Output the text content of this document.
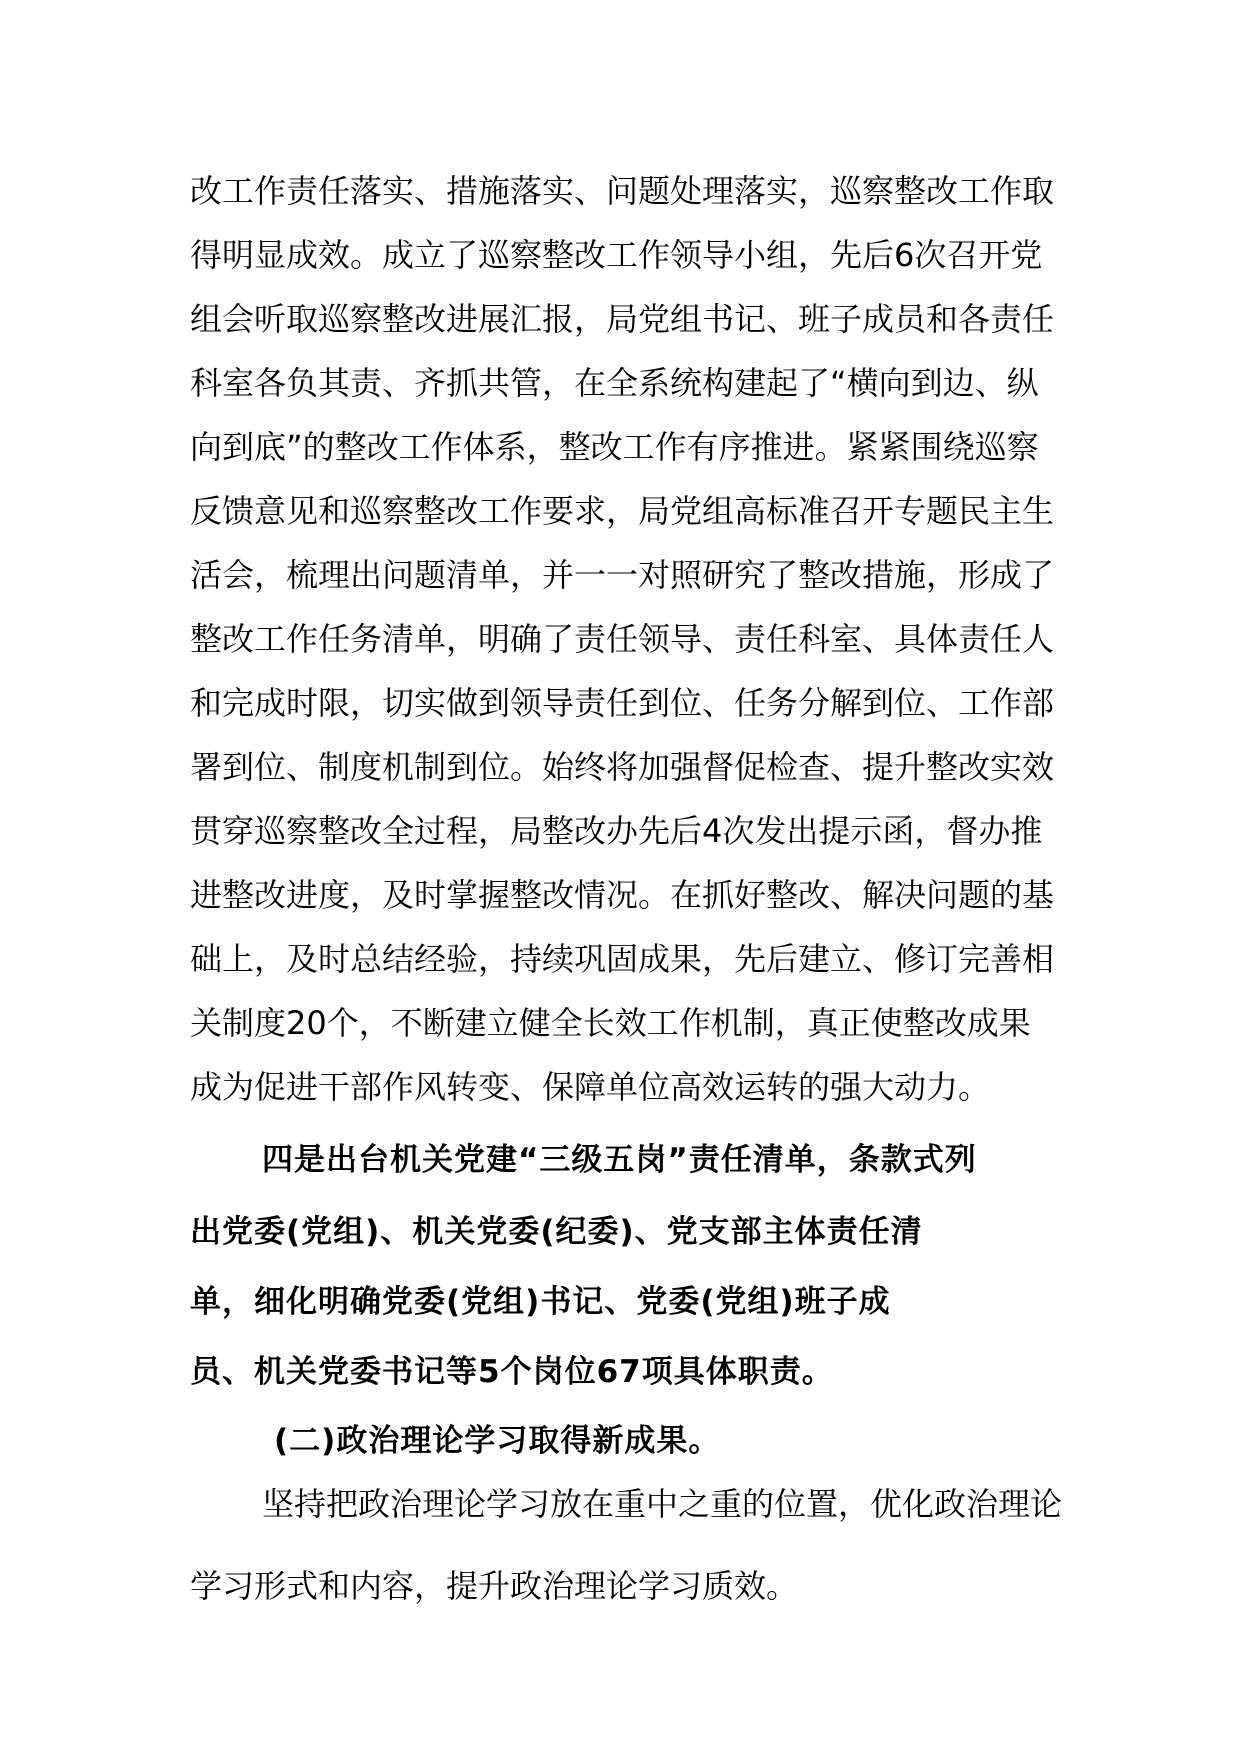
改工作责任落实、措施落实、问题处理落实，巡察整改工作取
得明显成效。成立了巡察整改工作领导小组，先后6次召开党
组会听取巡察整改进展汇报，局党组书记、班子成员和各责任
科室各负其责、齐抓共管，在全系统构建起了“横向到边、纵
向到底”的整改工作体系，整改工作有序推进。紧紧围绕巡察
反馈意见和巡察整改工作要求，局党组高标准召开专题民主生
活会，梳理出问题清单，并一一对照研究了整改措施，形成了
整改工作任务清单，明确了责任领导、责任科室、具体责任人
和完成时限，切实做到领导责任到位、任务分解到位、工作部
署到位、制度机制到位。始终将加强督促检查、提升整改实效
贯穿巡察整改全过程，局整改办先后4次发出提示函，督办推
进整改进度，及时掌握整改情况。在抓好整改、解决问题的基
础上，及时总结经验，持续巩固成果，先后建立、修订完善相
关制度20个，不断建立健全长效工作机制，真正使整改成果
成为促进干部作风转变、保障单位高效运转的强大动力。
四是出台机关党建“三级五岗”责任清单，条款式列
出党委(党组)、机关党委(纪委)、党支部主体责任清
单，细化明确党委(党组)书记、党委(党组)班子成
员、机关党委书记等5个岗位67项具体职责。
(二)政治理论学习取得新成果。
坚持把政治理论学习放在重中之重的位置，优化政治理论
学习形式和内容，提升政治理论学习质效。
